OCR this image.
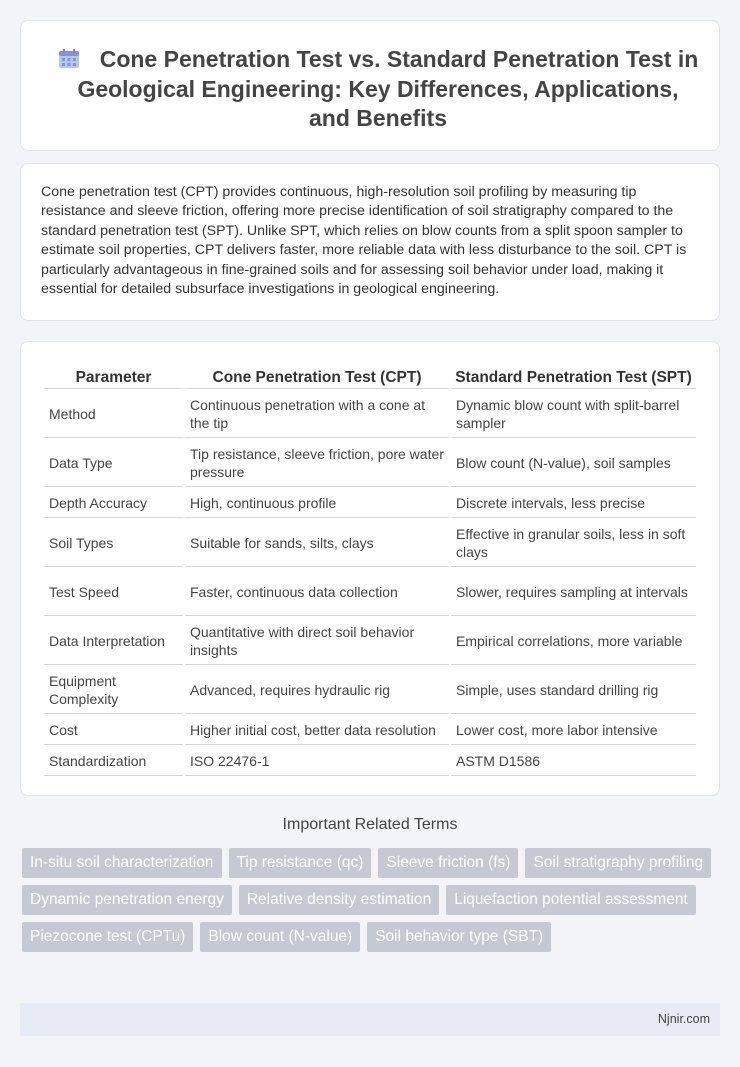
Cone Penetration Test vs. Standard Penetration Test in Geological Engineering: Key Differences, Applications, and Benefits

Cone penetration test (CPT) provides continuous, high-resolution soil profiling by measuring tip resistance and sleeve friction, offering more precise identification of soil stratigraphy compared to the standard penetration test (SPT). Unlike SPT, which relies on blow counts from a split spoon sampler to estimate soil properties, CPT delivers faster, more reliable data with less disturbance to the soil. CPT is particularly advantageous in fine-grained soils and for assessing soil behavior under load, making it essential for detailed subsurface investigations in geological engineering.

Parameter	Cone Penetration Test (CPT)	Standard Penetration Test (SPT)
Method	Continuous penetration with a cone at the tip	Dynamic blow count with split-barrel sampler
Data Type	Tip resistance, sleeve friction, pore water pressure	Blow count (N-value), soil samples
Depth Accuracy	High, continuous profile	Discrete intervals, less precise
Soil Types	Suitable for sands, silts, clays	Effective in granular soils, less in soft clays
Test Speed	Faster, continuous data collection	Slower, requires sampling at intervals
Data Interpretation	Quantitative with direct soil behavior insights	Empirical correlations, more variable
Equipment Complexity	Advanced, requires hydraulic rig	Simple, uses standard drilling rig
Cost	Higher initial cost, better data resolution	Lower cost, more labor intensive
Standardization	ISO 22476-1	ASTM D1586
Important Related Terms
In-situ soil characterization	Tip resistance (qc)	Sleeve friction (fs)	Soil stratigraphy profiling
Dynamic penetration energy	Relative density estimation	Liquefaction potential assessment
Piezocone test (CPTu)	Blow count (N-value)	Soil behavior type (SBT)
Njnir.com
